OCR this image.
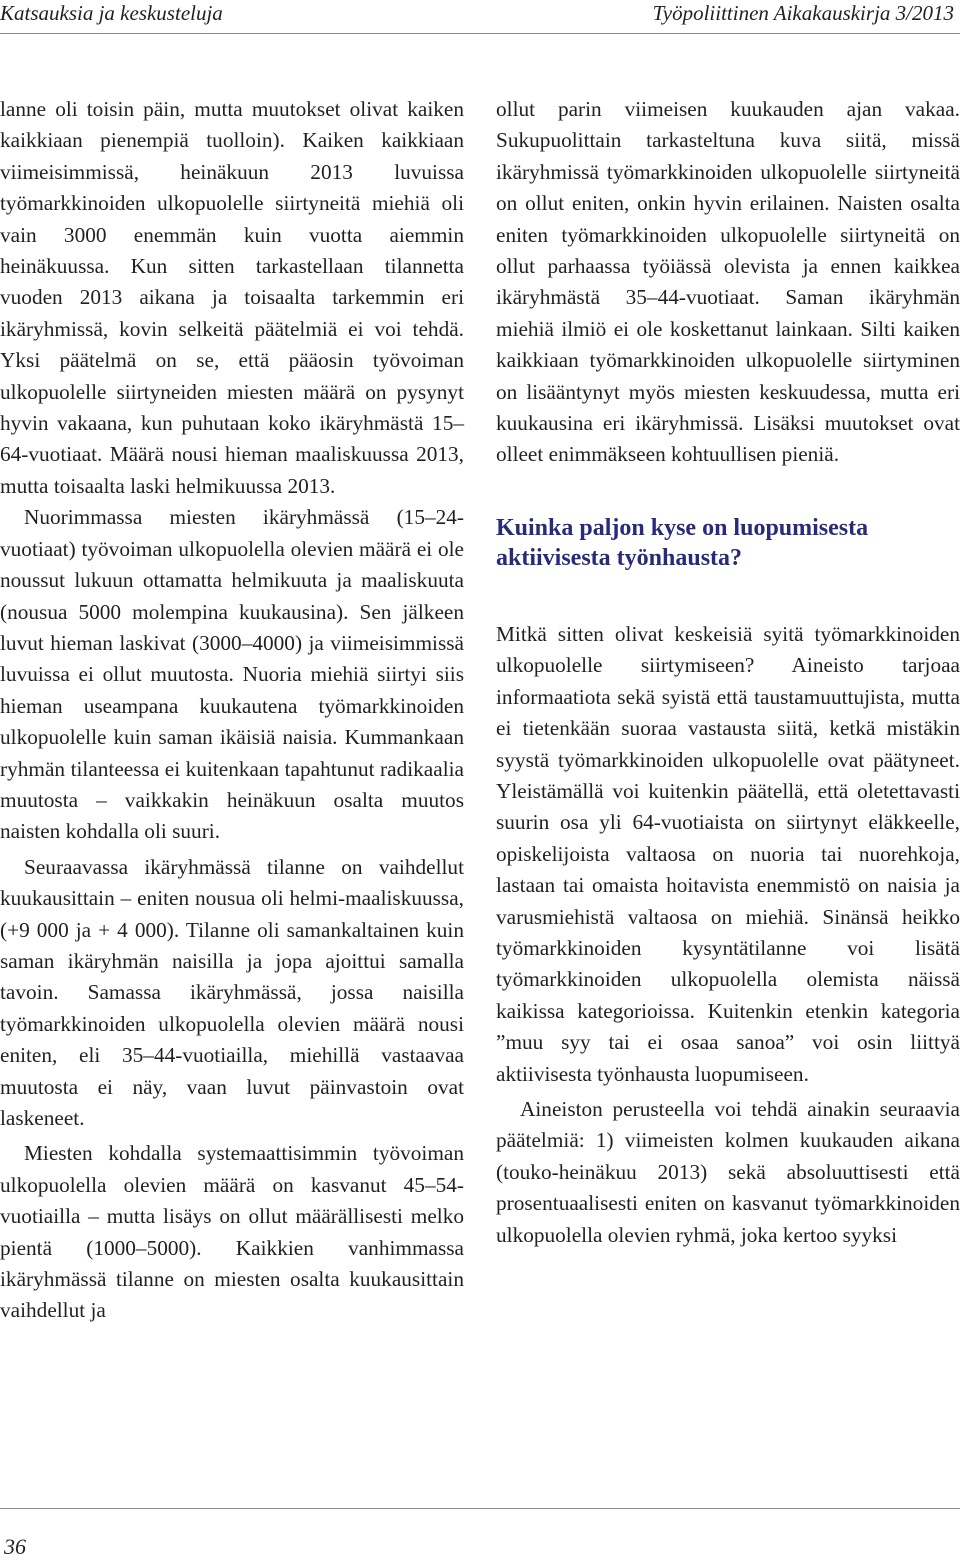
Katsauksia ja keskusteluja	Työpoliittinen Aikakauskirja 3/2013

lanne oli toisin päin, mutta muutokset olivat kaiken kaikkiaan pienempiä tuolloin). Kaiken kaikkiaan viimeisimmissä, heinäkuun 2013 luvuissa työmarkkinoiden ulkopuolelle siirtyneitä miehiä oli vain 3000 enemmän kuin vuotta aiemmin heinäkuussa. Kun sitten tarkastellaan tilannetta vuoden 2013 aikana ja toisaalta tarkemmin eri ikäryhmissä, kovin selkeitä päätelmiä ei voi tehdä. Yksi päätelmä on se, että pääosin työvoiman ulkopuolelle siirtyneiden miesten määrä on pysynyt hyvin vakaana, kun puhutaan koko ikäryhmästä 15–64-vuotiaat. Määrä nousi hieman maaliskuussa 2013, mutta toisaalta laski helmikuussa 2013.

Nuorimmassa miesten ikäryhmässä (15–24-vuotiaat) työvoiman ulkopuolella olevien määrä ei ole noussut lukuun ottamatta helmikuuta ja maaliskuuta (nousua 5000 molempina kuukausina). Sen jälkeen luvut hieman laskivat (3000–4000) ja viimeisimmissä luvuissa ei ollut muutosta. Nuoria miehiä siirtyi siis hieman useampana kuukautena työmarkkinoiden ulkopuolelle kuin saman ikäisiä naisia. Kummankaan ryhmän tilanteessa ei kuitenkaan tapahtunut radikaalia muutosta – vaikkakin heinäkuun osalta muutos naisten kohdalla oli suuri.

Seuraavassa ikäryhmässä tilanne on vaihdellut kuukausittain – eniten nousua oli helmi-maaliskuussa, (+9 000 ja + 4 000). Tilanne oli samankaltainen kuin saman ikäryhmän naisilla ja jopa ajoittui samalla tavoin. Samassa ikäryhmässä, jossa naisilla työmarkkinoiden ulkopuolella olevien määrä nousi eniten, eli 35–44-vuotiailla, miehillä vastaavaa muutosta ei näy, vaan luvut päinvastoin ovat laskeneet.

Miesten kohdalla systemaattisimmin työvoiman ulkopuolella olevien määrä on kasvanut 45–54-vuotiailla – mutta lisäys on ollut määrällisesti melko pientä (1000–5000). Kaikkien vanhimmassa ikäryhmässä tilanne on miesten osalta kuukausittain vaihdellut ja

ollut parin viimeisen kuukauden ajan vakaa. Sukupuolittain tarkasteltuna kuva siitä, missä ikäryhmissä työmarkkinoiden ulkopuolelle siirtyneitä on ollut eniten, onkin hyvin erilainen. Naisten osalta eniten työmarkkinoiden ulkopuolelle siirtyneitä on ollut parhaassa työiässä olevista ja ennen kaikkea ikäryhmästä 35–44-vuotiaat. Saman ikäryhmän miehiä ilmiö ei ole koskettanut lainkaan. Silti kaiken kaikkiaan työmarkkinoiden ulkopuolelle siirtyminen on lisääntynyt myös miesten keskuudessa, mutta eri kuukausina eri ikäryhmissä. Lisäksi muutokset ovat olleet enimmäkseen kohtuullisen pieniä.

Kuinka paljon kyse on luopumisesta aktiivisesta työnhausta?

Mitkä sitten olivat keskeisiä syitä työmarkkinoiden ulkopuolelle siirtymiseen? Aineisto tarjoaa informaatiota sekä syistä että taustamuuttujista, mutta ei tietenkään suoraa vastausta siitä, ketkä mistäkin syystä työmarkkinoiden ulkopuolelle ovat päätyneet. Yleistämällä voi kuitenkin päätellä, että oletettavasti suurin osa yli 64-vuotiaista on siirtynyt eläkkeelle, opiskelijoista valtaosa on nuoria tai nuorehkoja, lastaan tai omaista hoitavista enemmistö on naisia ja varusmiehistä valtaosa on miehiä. Sinänsä heikko työmarkkinoiden kysyntätilanne voi lisätä työmarkkinoiden ulkopuolella olemista näissä kaikissa kategorioissa. Kuitenkin etenkin kategoria ”muu syy tai ei osaa sanoa” voi osin liittyä aktiivisesta työnhausta luopumiseen.

Aineiston perusteella voi tehdä ainakin seuraavia päätelmiä: 1) viimeisten kolmen kuukauden aikana (touko-heinäkuu 2013) sekä absoluuttisesti että prosentuaalisesti eniten on kasvanut työmarkkinoiden ulkopuolella olevien ryhmä, joka kertoo syyksi

36
